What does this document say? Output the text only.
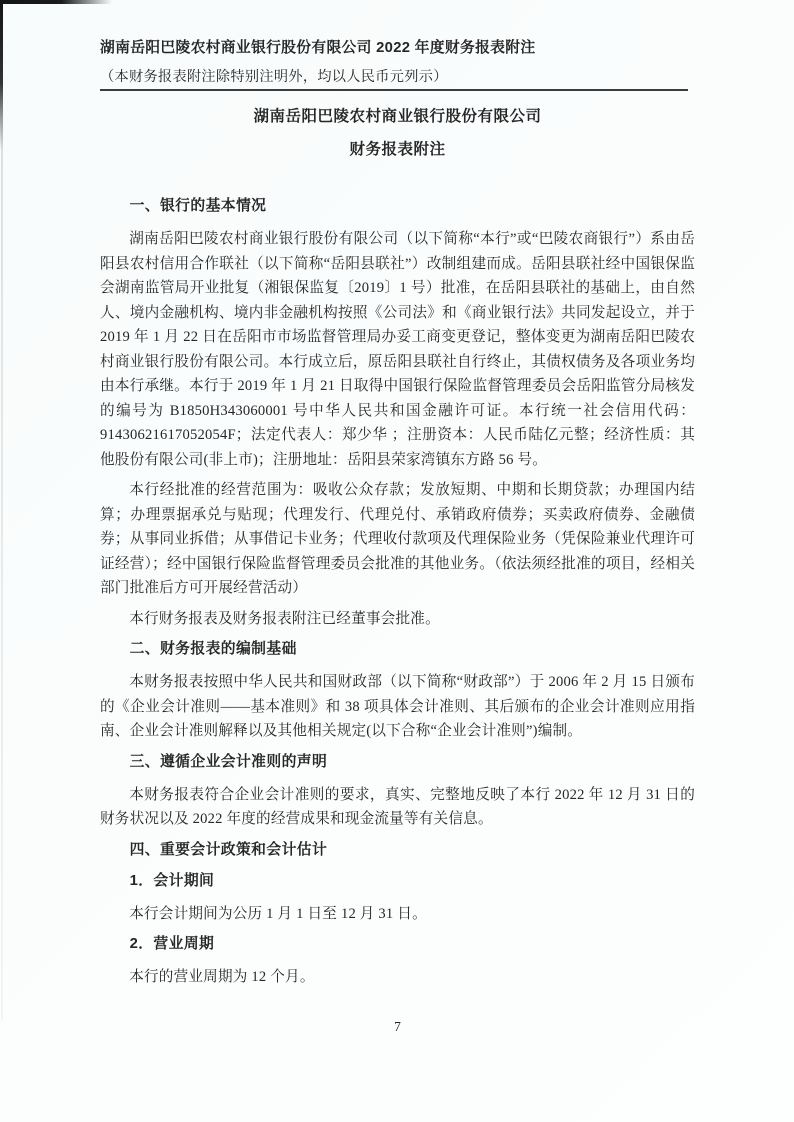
湖南岳阳巴陵农村商业银行股份有限公司 2022 年度财务报表附注
（本财务报表附注除特别注明外，均以人民币元列示）
湖南岳阳巴陵农村商业银行股份有限公司
财务报表附注
一、银行的基本情况

湖南岳阳巴陵农村商业银行股份有限公司（以下简称“本行”或“巴陵农商银行”）系由岳阳县农村信用合作联社（以下简称“岳阳县联社”）改制组建而成。岳阳县联社经中国银保监会湖南监管局开业批复（湘银保监复〔2019〕1 号）批准，在岳阳县联社的基础上，由自然人、境内金融机构、境内非金融机构按照《公司法》和《商业银行法》共同发起设立，并于 2019 年 1 月 22 日在岳阳市市场监督管理局办妥工商变更登记，整体变更为湖南岳阳巴陵农村商业银行股份有限公司。本行成立后，原岳阳县联社自行终止，其债权债务及各项业务均由本行承继。本行于 2019 年 1 月 21 日取得中国银行保险监督管理委员会岳阳监管分局核发的编号为 B1850H343060001 号中华人民共和国金融许可证。本行统一社会信用代码：91430621617052054F；法定代表人：郑少华 ；注册资本：人民币陆亿元整；经济性质：其他股份有限公司(非上市)；注册地址：岳阳县荣家湾镇东方路 56 号。

本行经批准的经营范围为：吸收公众存款；发放短期、中期和长期贷款；办理国内结算；办理票据承兑与贴现；代理发行、代理兑付、承销政府债券；买卖政府债券、金融债券；从事同业拆借；从事借记卡业务；代理收付款项及代理保险业务（凭保险兼业代理许可证经营）；经中国银行保险监督管理委员会批准的其他业务。（依法须经批准的项目，经相关部门批准后方可开展经营活动）

本行财务报表及财务报表附注已经董事会批准。

二、财务报表的编制基础

本财务报表按照中华人民共和国财政部（以下简称“财政部”）于 2006 年 2 月 15 日颁布的《企业会计准则——基本准则》和 38 项具体会计准则、其后颁布的企业会计准则应用指南、企业会计准则解释以及其他相关规定(以下合称“企业会计准则”)编制。

三、遵循企业会计准则的声明

本财务报表符合企业会计准则的要求，真实、完整地反映了本行 2022 年 12 月 31 日的财务状况以及 2022 年度的经营成果和现金流量等有关信息。

四、重要会计政策和会计估计
1．会计期间

本行会计期间为公历 1 月 1 日至 12 月 31 日。

2．营业周期

本行的营业周期为 12 个月。

7
